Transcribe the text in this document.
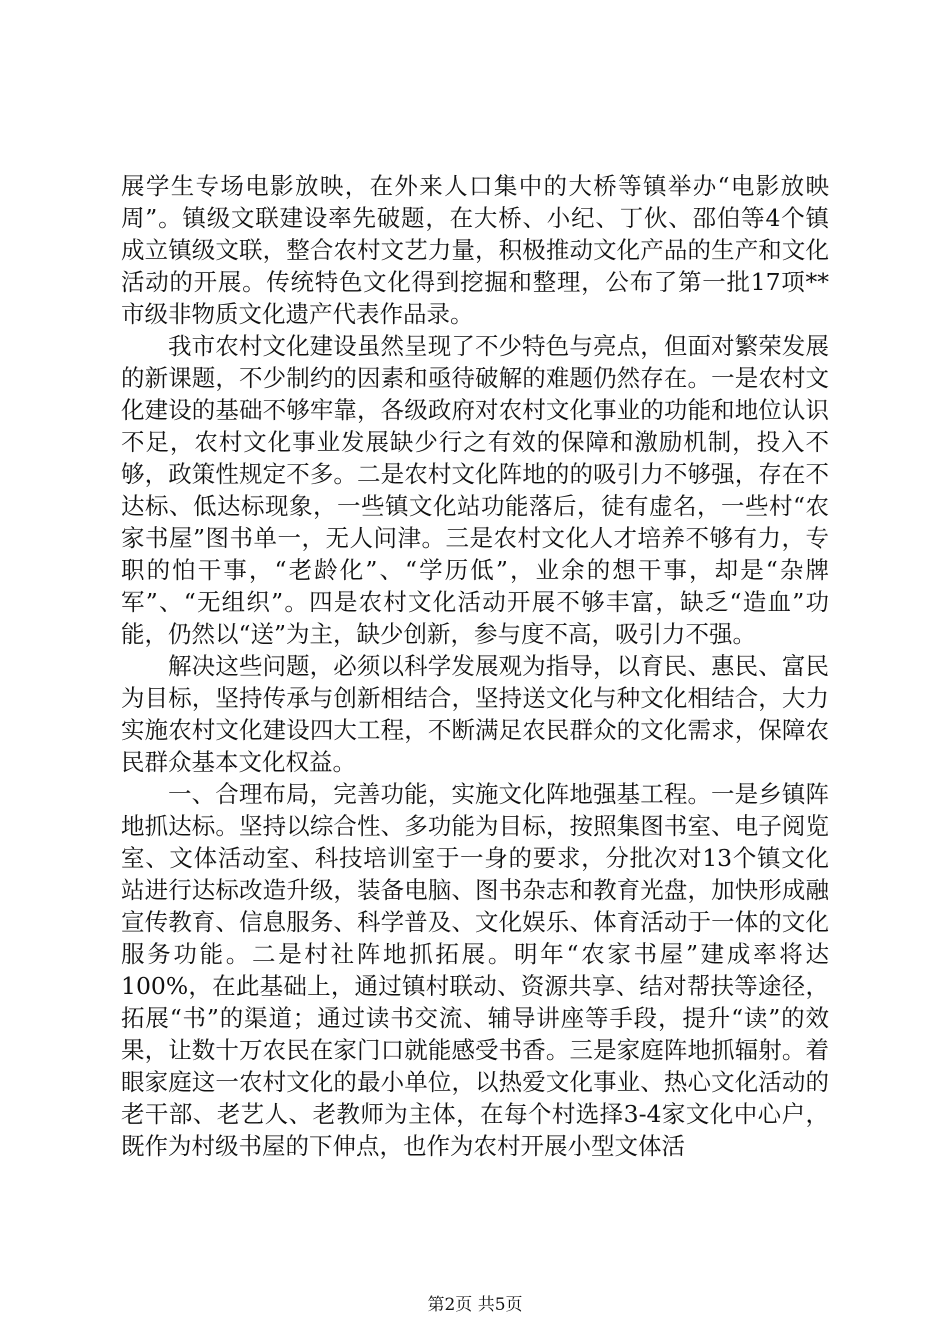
展学生专场电影放映，在外来人口集中的大桥等镇举办“电影放映周”。镇级文联建设率先破题，在大桥、小纪、丁伙、邵伯等4个镇成立镇级文联，整合农村文艺力量，积极推动文化产品的生产和文化活动的开展。传统特色文化得到挖掘和整理，公布了第一批17项**市级非物质文化遗产代表作品录。

我市农村文化建设虽然呈现了不少特色与亮点，但面对繁荣发展的新课题，不少制约的因素和亟待破解的难题仍然存在。一是农村文化建设的基础不够牢靠，各级政府对农村文化事业的功能和地位认识不足，农村文化事业发展缺少行之有效的保障和激励机制，投入不够，政策性规定不多。二是农村文化阵地的的吸引力不够强，存在不达标、低达标现象，一些镇文化站功能落后，徒有虚名，一些村“农家书屋”图书单一，无人问津。三是农村文化人才培养不够有力，专职的怕干事，“老龄化”、“学历低”，业余的想干事，却是“杂牌军”、“无组织”。四是农村文化活动开展不够丰富，缺乏“造血”功能，仍然以“送”为主，缺少创新，参与度不高，吸引力不强。

解决这些问题，必须以科学发展观为指导，以育民、惠民、富民为目标，坚持传承与创新相结合，坚持送文化与种文化相结合，大力实施农村文化建设四大工程，不断满足农民群众的文化需求，保障农民群众基本文化权益。

一、合理布局，完善功能，实施文化阵地强基工程。一是乡镇阵地抓达标。坚持以综合性、多功能为目标，按照集图书室、电子阅览室、文体活动室、科技培训室于一身的要求，分批次对13个镇文化站进行达标改造升级，装备电脑、图书杂志和教育光盘，加快形成融宣传教育、信息服务、科学普及、文化娱乐、体育活动于一体的文化服务功能。二是村社阵地抓拓展。明年“农家书屋”建成率将达100%，在此基础上，通过镇村联动、资源共享、结对帮扶等途径，拓展“书”的渠道；通过读书交流、辅导讲座等手段，提升“读”的效果，让数十万农民在家门口就能感受书香。三是家庭阵地抓辐射。着眼家庭这一农村文化的最小单位，以热爱文化事业、热心文化活动的老干部、老艺人、老教师为主体，在每个村选择3-4家文化中心户，既作为村级书屋的下伸点，也作为农村开展小型文体活

第2页 共5页
